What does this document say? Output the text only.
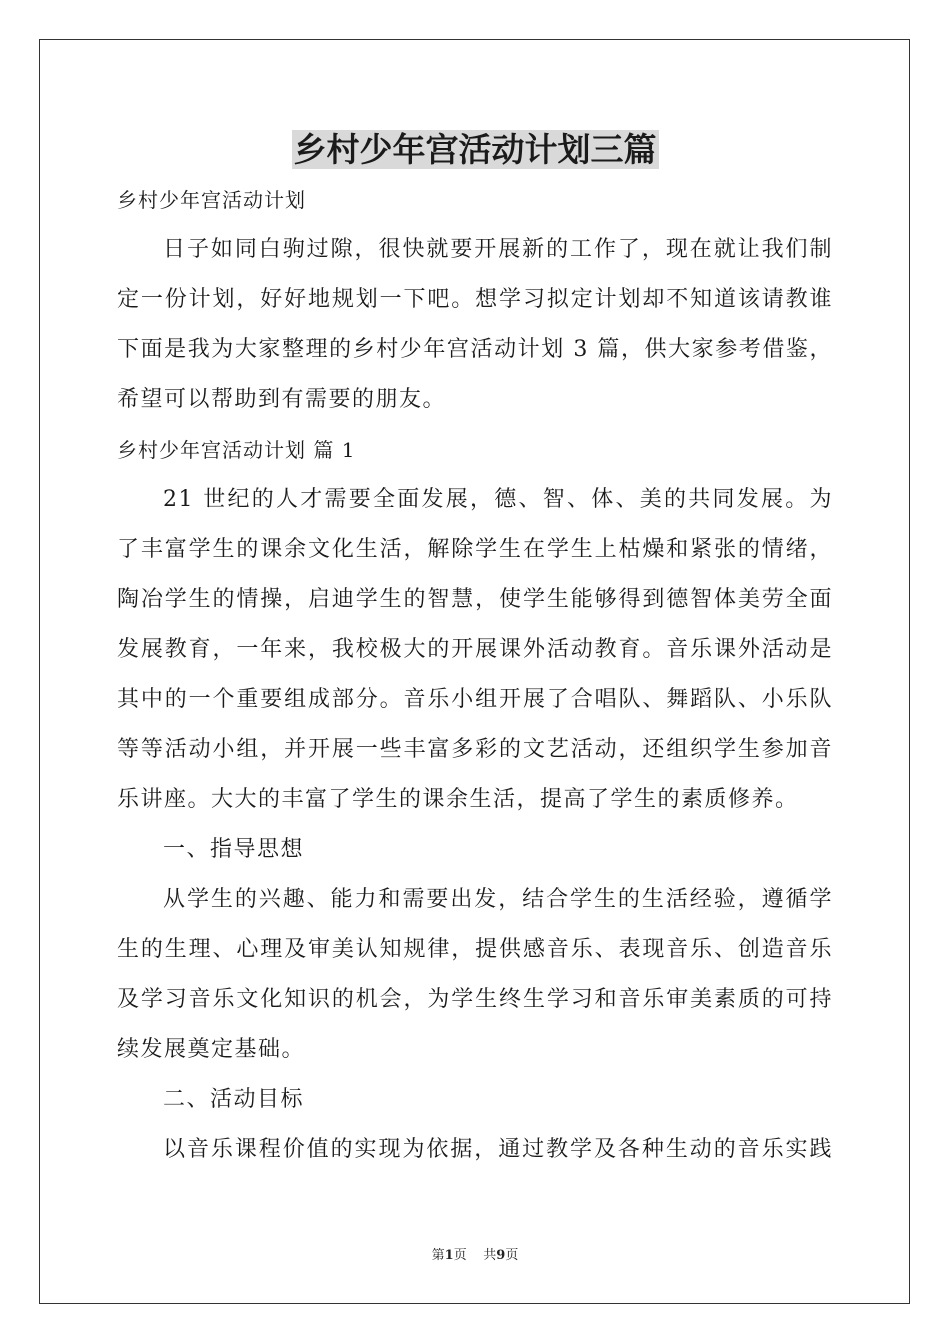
乡村少年宫活动计划三篇
乡村少年宫活动计划
日子如同白驹过隙，很快就要开展新的工作了，现在就让我们制
定一份计划，好好地规划一下吧。想学习拟定计划却不知道该请教谁
下面是我为大家整理的乡村少年宫活动计划 3 篇，供大家参考借鉴，
希望可以帮助到有需要的朋友。
乡村少年宫活动计划 篇 1
21 世纪的人才需要全面发展，德、智、体、美的共同发展。为
了丰富学生的课余文化生活，解除学生在学生上枯燥和紧张的情绪，
陶冶学生的情操，启迪学生的智慧，使学生能够得到德智体美劳全面
发展教育，一年来，我校极大的开展课外活动教育。音乐课外活动是
其中的一个重要组成部分。音乐小组开展了合唱队、舞蹈队、小乐队
等等活动小组，并开展一些丰富多彩的文艺活动，还组织学生参加音
乐讲座。大大的丰富了学生的课余生活，提高了学生的素质修养。
一、指导思想
从学生的兴趣、能力和需要出发，结合学生的生活经验，遵循学
生的生理、心理及审美认知规律，提供感音乐、表现音乐、创造音乐
及学习音乐文化知识的机会，为学生终生学习和音乐审美素质的可持
续发展奠定基础。
二、活动目标
以音乐课程价值的实现为依据，通过教学及各种生动的音乐实践
第1页 共9页
